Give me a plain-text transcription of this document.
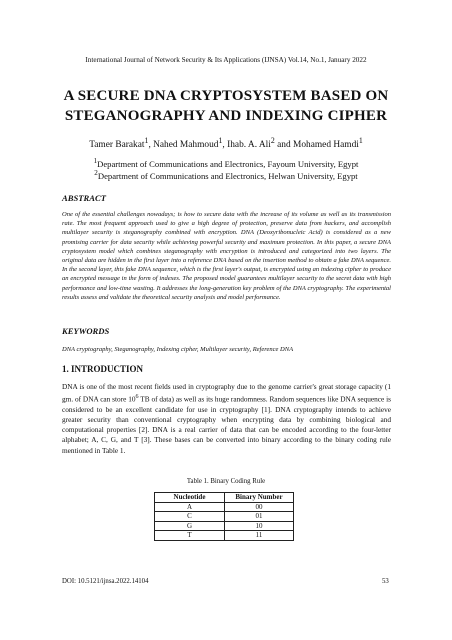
International Journal of Network Security & Its Applications (IJNSA) Vol.14, No.1, January 2022
A SECURE DNA CRYPTOSYSTEM BASED ON
STEGANOGRAPHY AND INDEXING CIPHER
Tamer Barakat$^1$, Nahed Mahmoud$^1$, Ihab. A. Ali$^2$ and Mohamed Hamdi$^1$
$^1$Department of Communications and Electronics, Fayoum University, Egypt
$^2$Department of Communications and Electronics, Helwan University, Egypt
ABSTRACT

One of the essential challenges nowadays; is how to secure data with the increase of its volume as well as its transmission rate. The most frequent approach used to give a high degree of protection, preserve data from hackers, and accomplish multilayer security is steganography combined with encryption. DNA (Deoxyribonucleic Acid) is considered as a new promising carrier for data security while achieving powerful security and maximum protection. In this paper, a secure DNA cryptosystem model which combines steganography with encryption is introduced and categorized into two layers. The original data are hidden in the first layer into a reference DNA based on the insertion method to obtain a fake DNA sequence. In the second layer, this fake DNA sequence, which is the first layer's output, is encrypted using an indexing cipher to produce an encrypted message in the form of indexes. The proposed model guarantees multilayer security to the secret data with high performance and low-time wasting. It addresses the long-generation key problem of the DNA cryptography. The experimental results assess and validate the theoretical security analysis and model performance.

KEYWORDS

DNA cryptography, Steganography, Indexing cipher, Multilayer security, Reference DNA

1. INTRODUCTION

DNA is one of the most recent fields used in cryptography due to the genome carrier's great storage capacity (1 gm. of DNA can store $10^6$ TB of data) as well as its huge randomness. Random sequences like DNA sequence is considered to be an excellent candidate for use in cryptography [1]. DNA cryptography intends to achieve greater security than conventional cryptography when encrypting data by combining biological and computational properties [2]. DNA is a real carrier of data that can be encoded according to the four-letter alphabet; A, C, G, and T [3]. These bases can be converted into binary according to the binary coding rule mentioned in Table 1.

Table 1. Binary Coding Rule
Nucleotide	Binary Number
A	00
C	01
G	10
T	11
DOI: 10.5121/ijnsa.2022.14104	53
